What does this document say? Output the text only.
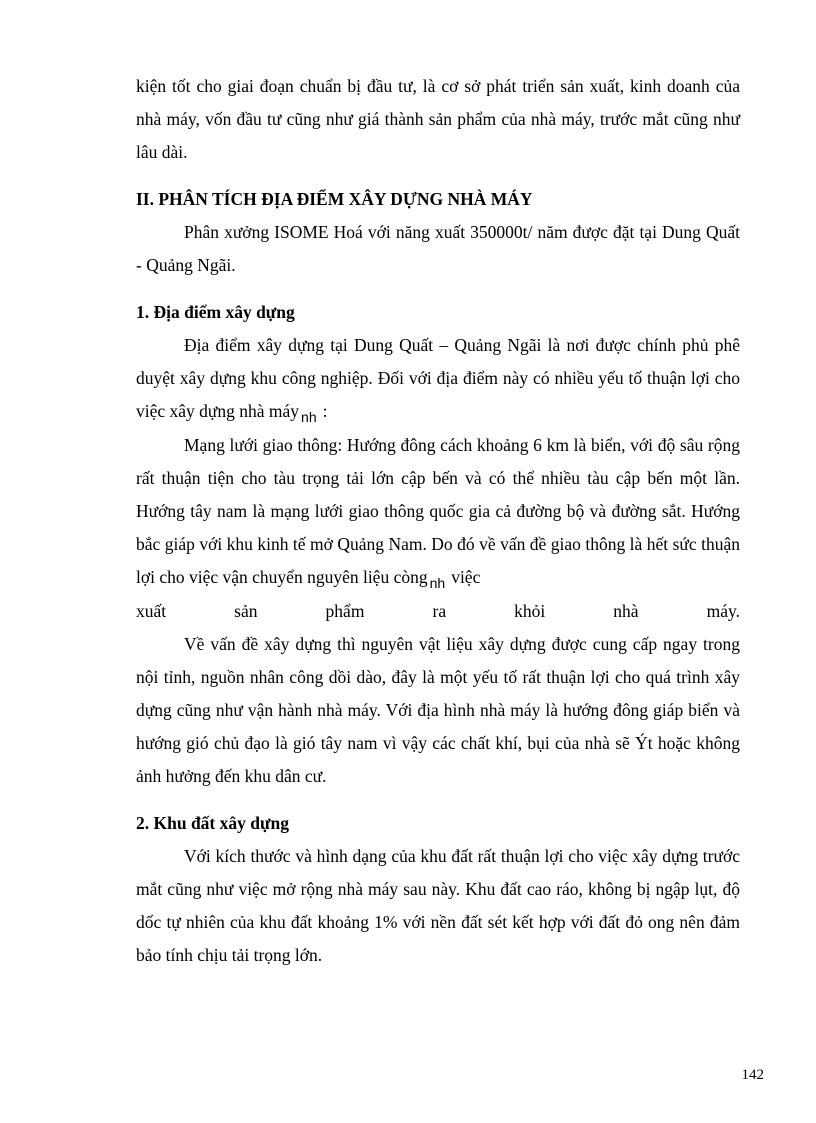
kiện tốt cho giai đoạn chuẩn bị đầu tư, là cơ sở phát triển sản xuất, kinh doanh của nhà máy, vốn đầu tư cũng như giá thành sản phẩm của nhà máy, trước mắt cũng như lâu dài.

II. PHÂN TÍCH ĐỊA ĐIỂM XÂY DỰNG NHÀ MÁY

Phân xưởng ISOME Hoá với năng xuất 350000t/ năm được đặt tại Dung Quất - Quảng Ngãi.

1. Địa điểm xây dựng

Địa điểm xây dựng tại Dung Quất – Quảng Ngãi là nơi được chính phủ phê duyệt xây dựng khu công nghiệp. Đối với địa điểm này có nhiều yếu tố thuận lợi cho việc xây dựng nhà máy $_{nh}$ :

Mạng lưới giao thông: Hướng đông cách khoảng 6 km là biển, với độ sâu rộng rất thuận tiện cho tàu trọng tải lớn cập bến và có thể nhiều tàu cập bến một lần. Hướng tây nam là mạng lưới giao thông quốc gia cả đường bộ và đường sắt. Hướng bắc giáp với khu kinh tế mở Quảng Nam. Do đó về vấn đề giao thông là hết sức thuận lợi cho việc vận chuyển nguyên liệu còng $_{nh}$ việc

xuất sản phẩm ra khỏi nhà máy.

Về vấn đề xây dựng thì nguyên vật liệu xây dựng được cung cấp ngay trong nội tỉnh, nguồn nhân công dồi dào, đây là một yếu tố rất thuận lợi cho quá trình xây dựng cũng như vận hành nhà máy. Với địa hình nhà máy là hướng đông giáp biển và hướng gió chủ đạo là gió tây nam vì vậy các chất khí, bụi của nhà sẽ Ýt hoặc không ảnh hưởng đến khu dân cư.

2. Khu đất xây dựng

Với kích thước và hình dạng của khu đất rất thuận lợi cho việc xây dựng trước mắt cũng như việc mở rộng nhà máy sau này. Khu đất cao ráo, không bị ngập lụt, độ dốc tự nhiên của khu đất khoảng 1% với nền đất sét kết hợp với đất đỏ ong nên đảm bảo tính chịu tải trọng lớn.

142
